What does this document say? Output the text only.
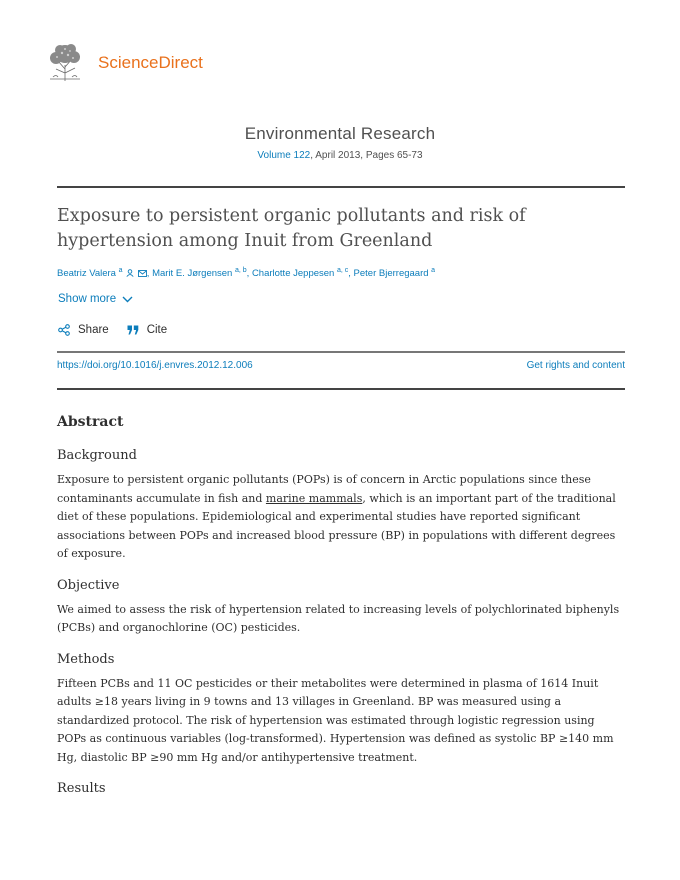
ScienceDirect
Environmental Research
Volume 122, April 2013, Pages 65-73
Exposure to persistent organic pollutants and risk of hypertension among Inuit from Greenland
Beatriz Valera $^a$	, Marit E. Jørgensen $^{a, b}$, Charlotte Jeppesen $^{a, c}$, Peter Bjerregaard $^a$
Show more
Share	Cite
https://doi.org/10.1016/j.envres.2012.12.006	Get rights and content
Abstract
Background

Exposure to persistent organic pollutants (POPs) is of concern in Arctic populations since these contaminants accumulate in fish and marine mammals, which is an important part of the traditional diet of these populations. Epidemiological and experimental studies have reported significant associations between POPs and increased blood pressure (BP) in populations with different degrees of exposure.

Objective

We aimed to assess the risk of hypertension related to increasing levels of polychlorinated biphenyls (PCBs) and organochlorine (OC) pesticides.

Methods

Fifteen PCBs and 11 OC pesticides or their metabolites were determined in plasma of 1614 Inuit adults ≥18 years living in 9 towns and 13 villages in Greenland. BP was measured using a standardized protocol. The risk of hypertension was estimated through logistic regression using POPs as continuous variables (log-transformed). Hypertension was defined as systolic BP ≥140 mm Hg, diastolic BP ≥90 mm Hg and/or antihypertensive treatment.

Results
